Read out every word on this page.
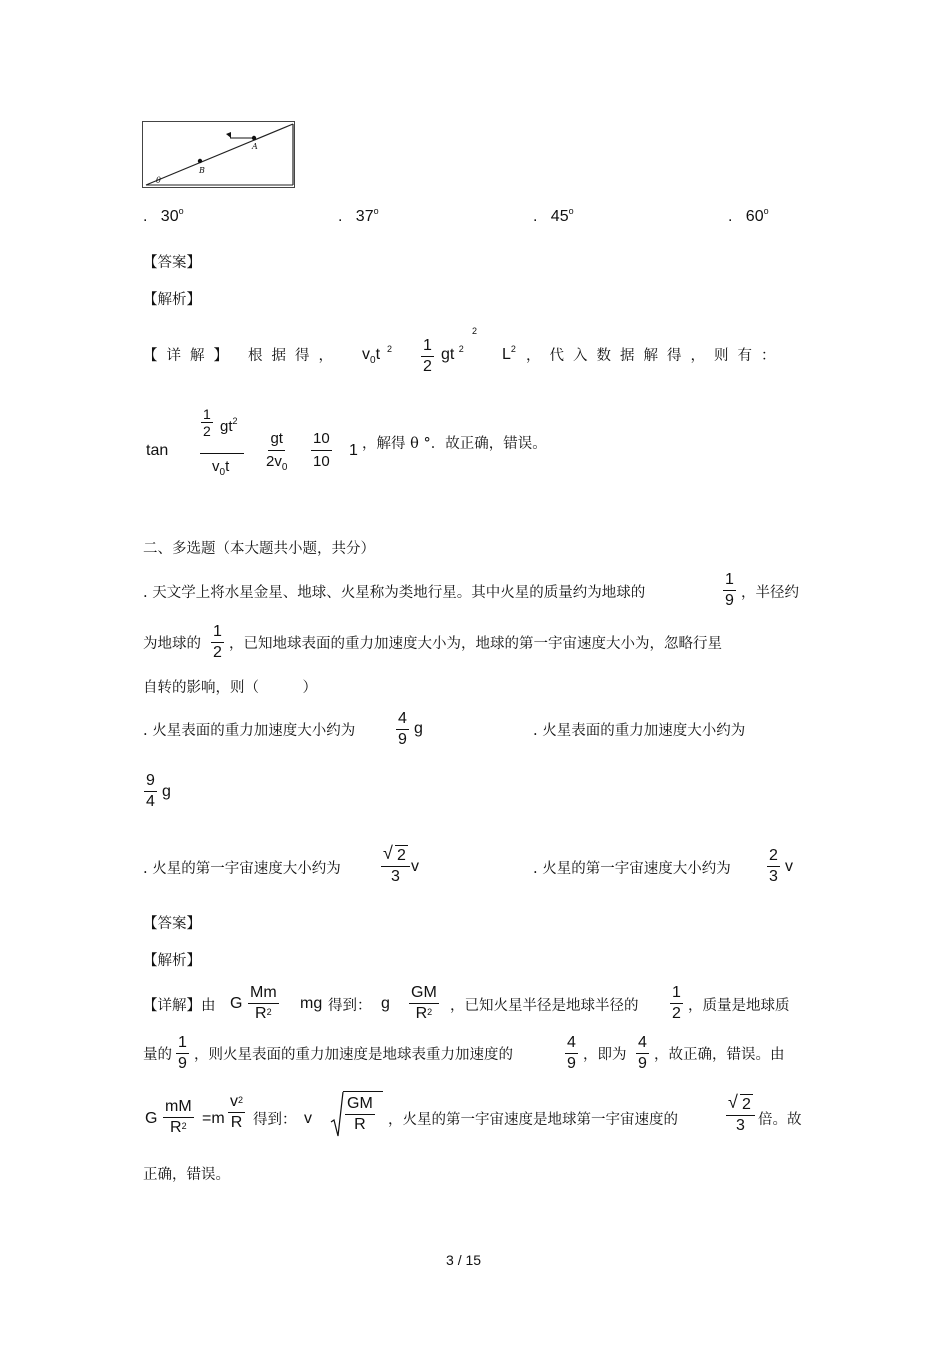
A
B
θ
. 30$^o$	. 37$^o$	. 45$^o$	. 60$^o$
【答案】
【解析】
【详解】 根据得， $v_0t$  $^2 \frac{1}{2}$ gt $^2$
2
$L^2$ ，代入数据解得，则有：
tan
$\frac{1}{2} gt^2$
$v_0t \frac{gt}{2v_0} \frac{10}{10} 1$ ，解得 θ °．故正确，错误。
二、多选题（本大题共小题，共分）
. 天文学上将水星金星、地球、火星称为类地行星。其中火星的质量约为地球的	$\frac{1}{9}$ ，半径约
为地球的 $\frac{1}{2}$ ，已知地球表面的重力加速度大小为，地球的第一宇宙速度大小为，忽略行星
自转的影响，则（　　　）
. 火星表面的重力加速度大小约为	$\frac{4}{9}$ g	. 火星表面的重力加速度大小约为
$\frac{9}{4}$ g
. 火星的第一宇宙速度大小约为 $\frac{√ 2}{3}$ v	. 火星的第一宇宙速度大小约为 $\frac{2}{3}$ v
【答案】
【解析】
【详解】由 G $\frac{Mm}{R^2}$ mg 得到： g $\frac{GM}{R^2}$ ，已知火星半径是地球半径的 $\frac{1}{2}$ ，质量是地球质
量的 $\frac{1}{9}$ ，则火星表面的重力加速度是地球表重力加速度的	$\frac{4}{9}$ ，即为 $\frac{4}{9}$ ，故正确，错误。由
G $\frac{mM}{R^2} =m \frac{v^2}{R}$ 得到： v $\frac{GM}{R}$ ，火星的第一宇宙速度是地球第一宇宙速度的	$\frac{√ 2}{3}$ 倍。故
正确，错误。
3 / 15
